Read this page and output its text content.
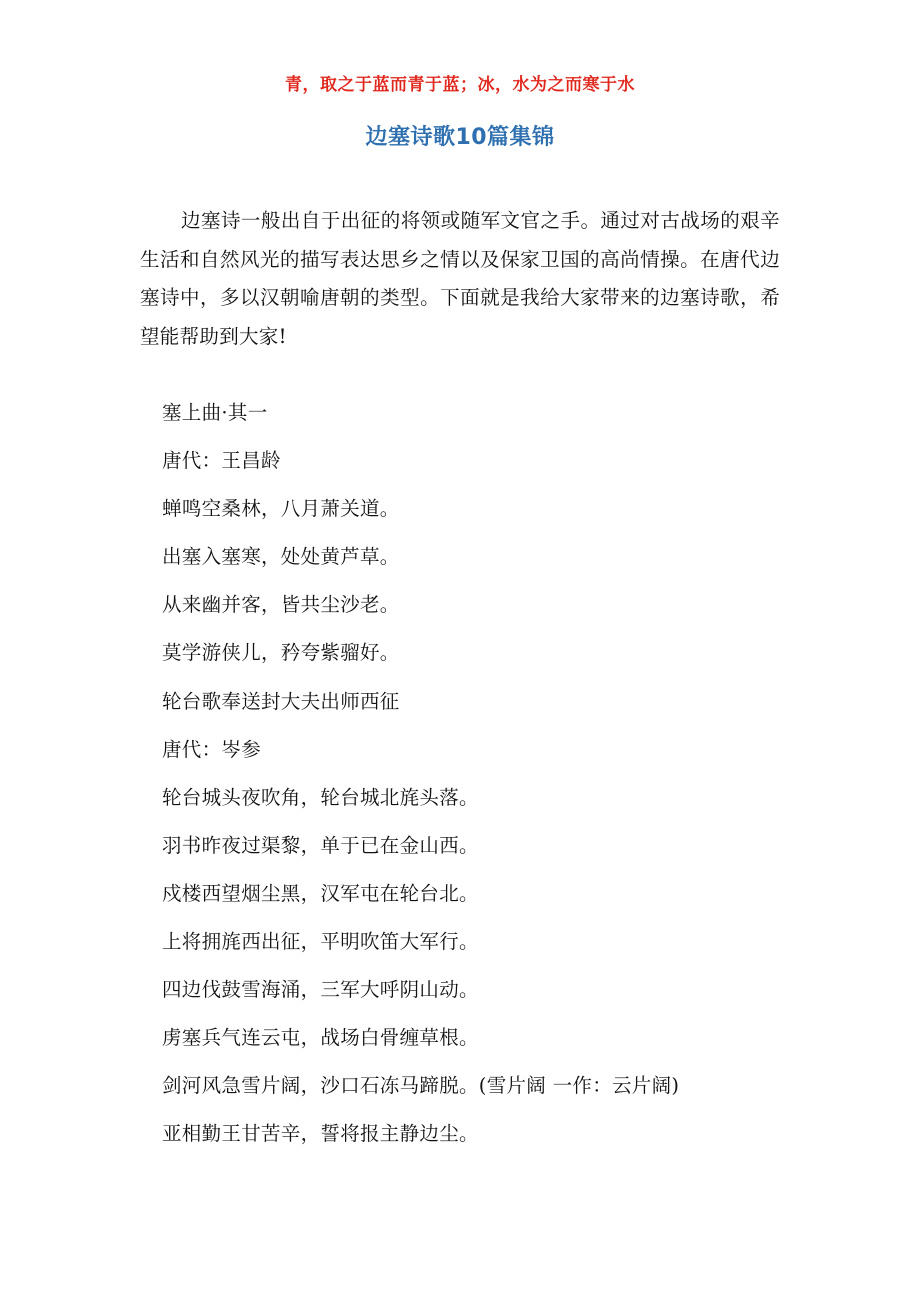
青，取之于蓝而青于蓝；冰，水为之而寒于水
边塞诗歌10篇集锦
边塞诗一般出自于出征的将领或随军文官之手。通过对古战场的艰辛生活和自然风光的描写表达思乡之情以及保家卫国的高尚情操。在唐代边塞诗中，多以汉朝喻唐朝的类型。下面就是我给大家带来的边塞诗歌，希望能帮助到大家!
塞上曲·其一
唐代：王昌龄
蝉鸣空桑林，八月萧关道。
出塞入塞寒，处处黄芦草。
从来幽并客，皆共尘沙老。
莫学游侠儿，矜夸紫骝好。
轮台歌奉送封大夫出师西征
唐代：岑参
轮台城头夜吹角，轮台城北旄头落。
羽书昨夜过渠黎，单于已在金山西。
戍楼西望烟尘黑，汉军屯在轮台北。
上将拥旄西出征，平明吹笛大军行。
四边伐鼓雪海涌，三军大呼阴山动。
虏塞兵气连云屯，战场白骨缠草根。
剑河风急雪片阔，沙口石冻马蹄脱。(雪片阔 一作：云片阔)
亚相勤王甘苦辛，誓将报主静边尘。
